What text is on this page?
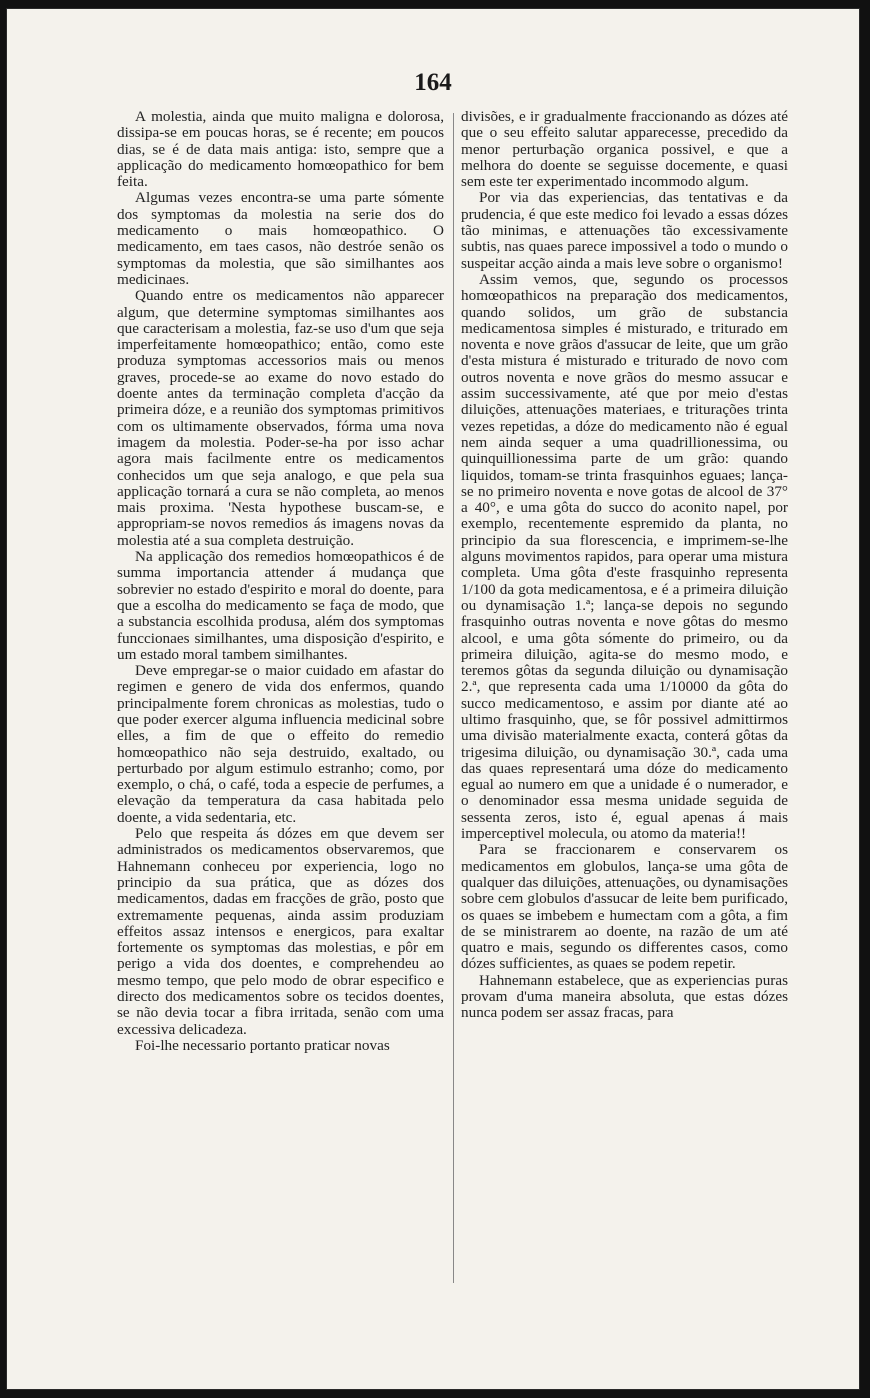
164

A molestia, ainda que muito maligna e dolorosa, dissipa-se em poucas horas, se é recente; em poucos dias, se é de data mais antiga: isto, sempre que a applicação do medicamento homœopathico for bem feita.

Algumas vezes encontra-se uma parte sómente dos symptomas da molestia na serie dos do medicamento o mais homœopathico. O medicamento, em taes casos, não destróe senão os symptomas da molestia, que são similhantes aos medicinaes.

Quando entre os medicamentos não apparecer algum, que determine symptomas similhantes aos que caracterisam a molestia, faz-se uso d'um que seja imperfeitamente homœopathico; então, como este produza symptomas accessorios mais ou menos graves, procede-se ao exame do novo estado do doente antes da terminação completa d'acção da primeira dóze, e a reunião dos symptomas primitivos com os ultimamente observados, fórma uma nova imagem da molestia. Poder-se-ha por isso achar agora mais facilmente entre os medicamentos conhecidos um que seja analogo, e que pela sua applicação tornará a cura se não completa, ao menos mais proxima. 'Nesta hypothese buscam-se, e appropriam-se novos remedios ás imagens novas da molestia até a sua completa destruição.

Na applicação dos remedios homœopathicos é de summa importancia attender á mudança que sobrevier no estado d'espirito e moral do doente, para que a escolha do medicamento se faça de modo, que a substancia escolhida produsa, além dos symptomas funccionaes similhantes, uma disposição d'espirito, e um estado moral tambem similhantes.

Deve empregar-se o maior cuidado em afastar do regimen e genero de vida dos enfermos, quando principalmente forem chronicas as molestias, tudo o que poder exercer alguma influencia medicinal sobre elles, a fim de que o effeito do remedio homœopathico não seja destruido, exaltado, ou perturbado por algum estimulo estranho; como, por exemplo, o chá, o café, toda a especie de perfumes, a elevação da temperatura da casa habitada pelo doente, a vida sedentaria, etc.

Pelo que respeita ás dózes em que devem ser administrados os medicamentos observaremos, que Hahnemann conheceu por experiencia, logo no principio da sua prática, que as dózes dos medicamentos, dadas em fracções de grão, posto que extremamente pequenas, ainda assim produziam effeitos assaz intensos e energicos, para exaltar fortemente os symptomas das molestias, e pôr em perigo a vida dos doentes, e comprehendeu ao mesmo tempo, que pelo modo de obrar especifico e directo dos medicamentos sobre os tecidos doentes, se não devia tocar a fibra irritada, senão com uma excessiva delicadeza.

Foi-lhe necessario portanto praticar novas

divisões, e ir gradualmente fraccionando as dózes até que o seu effeito salutar apparecesse, precedido da menor perturbação organica possivel, e que a melhora do doente se seguisse docemente, e quasi sem este ter experimentado incommodo algum.

Por via das experiencias, das tentativas e da prudencia, é que este medico foi levado a essas dózes tão minimas, e attenuações tão excessivamente subtis, nas quaes parece impossivel a todo o mundo o suspeitar acção ainda a mais leve sobre o organismo!

Assim vemos, que, segundo os processos homœopathicos na preparação dos medicamentos, quando solidos, um grão de substancia medicamentosa simples é misturado, e triturado em noventa e nove grãos d'assucar de leite, que um grão d'esta mistura é misturado e triturado de novo com outros noventa e nove grãos do mesmo assucar e assim successivamente, até que por meio d'estas diluições, attenuações materiaes, e triturações trinta vezes repetidas, a dóze do medicamento não é egual nem ainda sequer a uma quadrillionessima, ou quinquillionessima parte de um grão: quando liquidos, tomam-se trinta frasquinhos eguaes; lança-se no primeiro noventa e nove gotas de alcool de 37° a 40°, e uma gôta do succo do aconito napel, por exemplo, recentemente espremido da planta, no principio da sua florescencia, e imprimem-se-lhe alguns movimentos rapidos, para operar uma mistura completa. Uma gôta d'este frasquinho representa 1/100 da gota medicamentosa, e é a primeira diluição ou dynamisação 1.ª; lança-se depois no segundo frasquinho outras noventa e nove gôtas do mesmo alcool, e uma gôta sómente do primeiro, ou da primeira diluição, agita-se do mesmo modo, e teremos gôtas da segunda diluição ou dynamisação 2.ª, que representa cada uma 1/10000 da gôta do succo medicamentoso, e assim por diante até ao ultimo frasquinho, que, se fôr possivel admittirmos uma divisão materialmente exacta, conterá gôtas da trigesima diluição, ou dynamisação 30.ª, cada uma das quaes representará uma dóze do medicamento egual ao numero em que a unidade é o numerador, e o denominador essa mesma unidade seguida de sessenta zeros, isto é, egual apenas á mais imperceptivel molecula, ou atomo da materia!!

Para se fraccionarem e conservarem os medicamentos em globulos, lança-se uma gôta de qualquer das diluições, attenuações, ou dynamisações sobre cem globulos d'assucar de leite bem purificado, os quaes se imbebem e humectam com a gôta, a fim de se ministrarem ao doente, na razão de um até quatro e mais, segundo os differentes casos, como dózes sufficientes, as quaes se podem repetir.

Hahnemann estabelece, que as experiencias puras provam d'uma maneira absoluta, que estas dózes nunca podem ser assaz fracas, para
